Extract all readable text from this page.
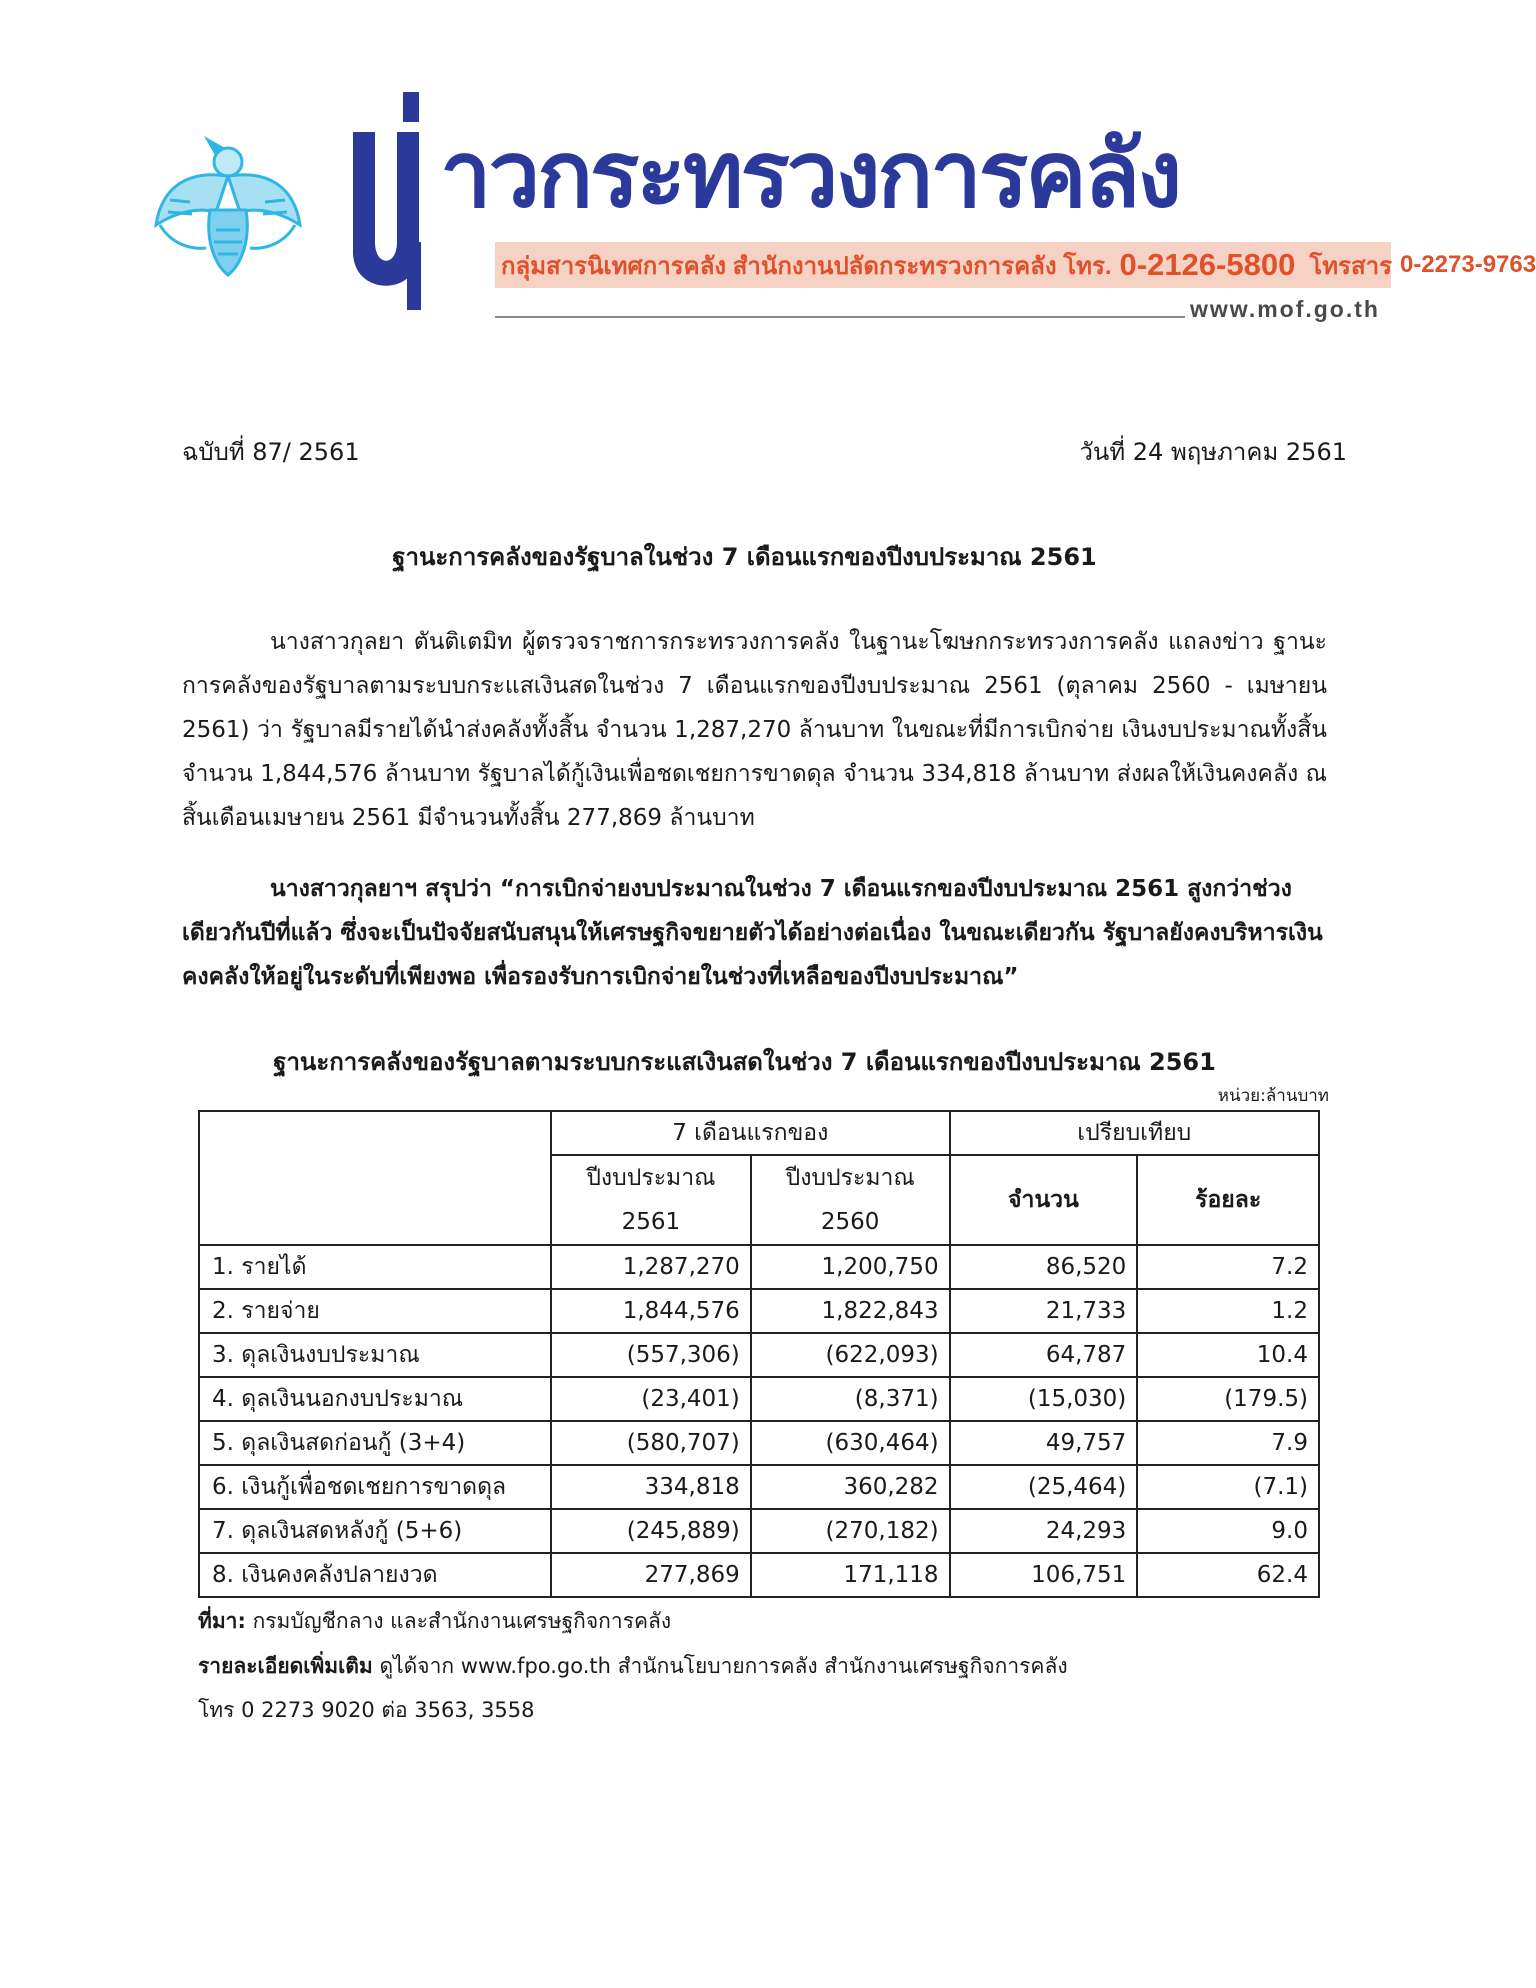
าวกระทรวงการคลัง
กลุ่มสารนิเทศการคลัง สำนักงานปลัดกระทรวงการคลัง โทร. 0-2126-5800 โทรสาร 0-2273-9763
www.mof.go.th
ฉบับที่ 87/ 2561	วันที่ 24 พฤษภาคม 2561
ฐานะการคลังของรัฐบาลในช่วง 7 เดือนแรกของปีงบประมาณ 2561
นางสาวกุลยา ตันติเตมิท ผู้ตรวจราชการกระทรวงการคลัง ในฐานะโฆษกกระทรวงการคลัง แถลงข่าว ฐานะการคลังของรัฐบาลตามระบบกระแสเงินสดในช่วง 7 เดือนแรกของปีงบประมาณ 2561 (ตุลาคม 2560 - เมษายน 2561) ว่า รัฐบาลมีรายได้นำส่งคลังทั้งสิ้น จำนวน 1,287,270 ล้านบาท ในขณะที่มีการเบิกจ่าย เงินงบประมาณทั้งสิ้น จำนวน 1,844,576 ล้านบาท รัฐบาลได้กู้เงินเพื่อชดเชยการขาดดุล จำนวน 334,818 ล้านบาท ส่งผลให้เงินคงคลัง ณ สิ้นเดือนเมษายน 2561 มีจำนวนทั้งสิ้น 277,869 ล้านบาท
นางสาวกุลยาฯ สรุปว่า “การเบิกจ่ายงบประมาณในช่วง 7 เดือนแรกของปีงบประมาณ 2561 สูงกว่าช่วงเดียวกันปีที่แล้ว ซึ่งจะเป็นปัจจัยสนับสนุนให้เศรษฐกิจขยายตัวได้อย่างต่อเนื่อง ในขณะเดียวกัน รัฐบาลยังคงบริหารเงินคงคลังให้อยู่ในระดับที่เพียงพอ เพื่อรองรับการเบิกจ่ายในช่วงที่เหลือของปีงบประมาณ”
ฐานะการคลังของรัฐบาลตามระบบกระแสเงินสดในช่วง 7 เดือนแรกของปีงบประมาณ 2561
หน่วย:ล้านบาท
	7 เดือนแรกของ		เปรียบเทียบ	
	ปีงบประมาณ 2561	ปีงบประมาณ 2560	จำนวน	ร้อยละ
1. รายได้	1,287,270	1,200,750	86,520	7.2
2. รายจ่าย	1,844,576	1,822,843	21,733	1.2
3. ดุลเงินงบประมาณ	(557,306)	(622,093)	64,787	10.4
4. ดุลเงินนอกงบประมาณ	(23,401)	(8,371)	(15,030)	(179.5)
5. ดุลเงินสดก่อนกู้ (3+4)	(580,707)	(630,464)	49,757	7.9
6. เงินกู้เพื่อชดเชยการขาดดุล	334,818	360,282	(25,464)	(7.1)
7. ดุลเงินสดหลังกู้ (5+6)	(245,889)	(270,182)	24,293	9.0
8. เงินคงคลังปลายงวด	277,869	171,118	106,751	62.4
ที่มา: กรมบัญชีกลาง และสำนักงานเศรษฐกิจการคลัง
รายละเอียดเพิ่มเติม ดูได้จาก www.fpo.go.th สำนักนโยบายการคลัง สำนักงานเศรษฐกิจการคลัง
โทร 0 2273 9020 ต่อ 3563, 3558
